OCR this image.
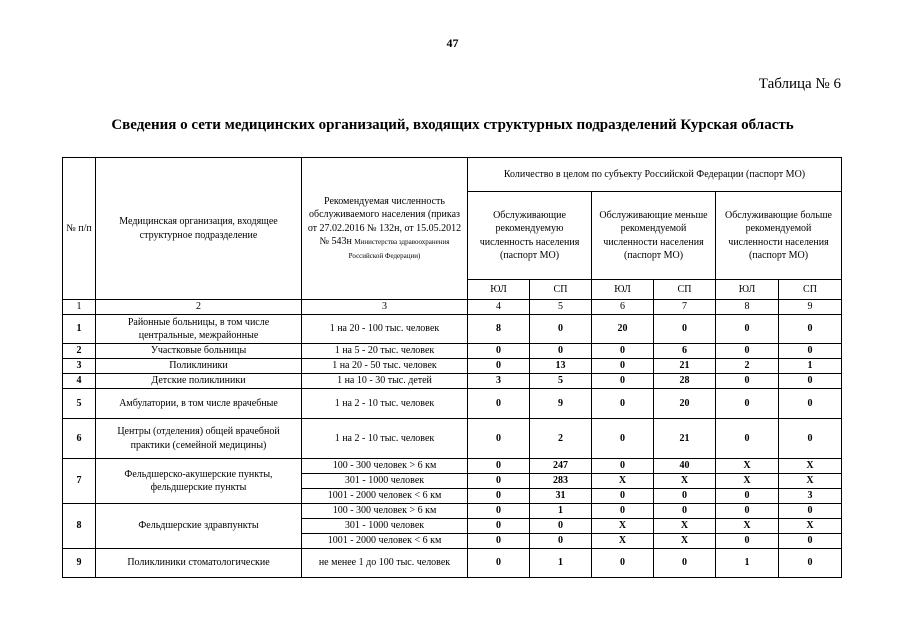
47
Таблица № 6
Сведения о сети медицинских организаций, входящих структурных подразделений Курская область
№ п/п	Медицинская организация, входящее структурное подразделение	Рекомендуемая численность обслуживаемого населения (приказ от 27.02.2016 № 132н, от 15.05.2012 № 543н Министерства здравоохранения Российской Федерации)	Количество в целом по субъекту Российской Федерации (паспорт МО)					
			Обслуживающие рекомендуемую численность населения (паспорт МО)		Обслуживающие меньше рекомендуемой численности населения (паспорт МО)		Обслуживающие больше рекомендуемой численности населения (паспорт МО)	
			ЮЛ	СП	ЮЛ	СП	ЮЛ	СП
1	2	3	4	5	6	7	8	9
1	Районные больницы, в том числе центральные, межрайонные	1 на 20 - 100 тыс. человек	8	0	20	0	0	0
2	Участковые больницы	1 на 5 - 20 тыс. человек	0	0	0	6	0	0
3	Поликлиники	1 на 20 - 50 тыс. человек	0	13	0	21	2	1
4	Детские поликлиники	1 на 10 - 30 тыс. детей	3	5	0	28	0	0
5	Амбулатории, в том числе врачебные	1 на 2 - 10 тыс. человек	0	9	0	20	0	0
6	Центры (отделения) общей врачебной практики (семейной медицины)	1 на 2 - 10 тыс. человек	0	2	0	21	0	0
7	Фельдшерско-акушерские пункты, фельдшерские пункты	100 - 300 человек > 6 км	0	247	0	40	Х	Х
		301 - 1000 человек	0	283	Х	Х	Х	Х
		1001 - 2000 человек < 6 км	0	31	0	0	0	3
8	Фельдшерские здравпункты	100 - 300 человек > 6 км	0	1	0	0	0	0
		301 - 1000 человек	0	0	Х	Х	Х	Х
		1001 - 2000 человек < 6 км	0	0	Х	Х	0	0
9	Поликлиники стоматологические	не менее 1 до 100 тыс. человек	0	1	0	0	1	0
